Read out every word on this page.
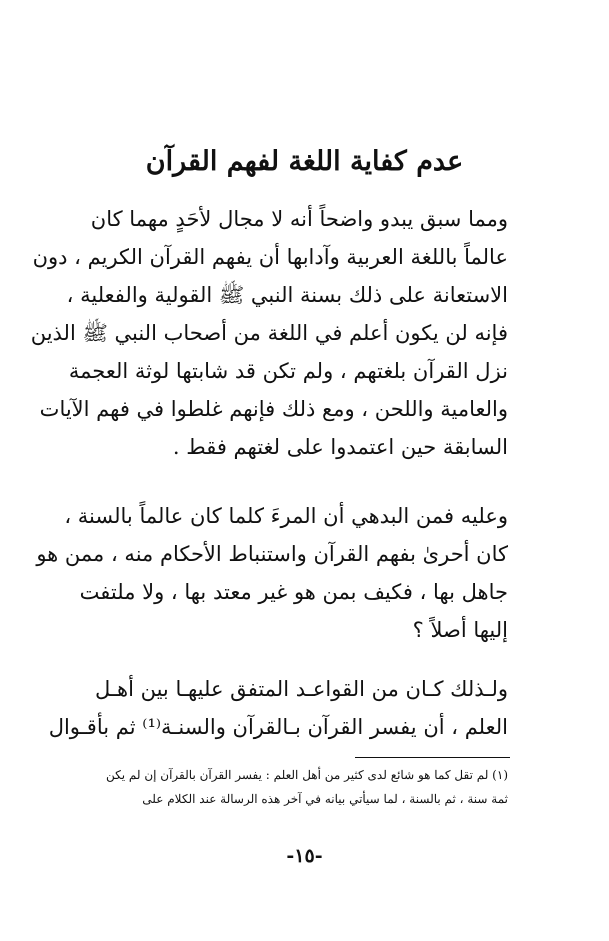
عدم كفاية اللغة لفهم القرآن
ومما سبق يبدو واضحاً أنه لا مجال لأحَدٍ مهما كان
عالماً باللغة العربية وآدابها أن يفهم القرآن الكريم ، دون
الاستعانة على ذلك بسنة النبي ﷺ القولية والفعلية ،
فإنه لن يكون أعلم في اللغة من أصحاب النبي ﷺ الذين
نزل القرآن بلغتهم ، ولم تكن قد شابتها لوثة العجمة
والعامية واللحن ، ومع ذلك فإنهم غلطوا في فهم الآيات
السابقة حين اعتمدوا على لغتهم فقط .
وعليه فمن البدهي أن المرءَ كلما كان عالماً بالسنة ،
كان أحرىٰ بفهم القرآن واستنباط الأحكام منه ، ممن هو
جاهل بها ، فكيف بمن هو غير معتد بها ، ولا ملتفت
إليها أصلاً ؟
ولـذلك كـان من القواعـد المتفق عليهـا بين أهـل
العلم ، أن يفسر القرآن بـالقرآن والسنـة⁽¹⁾ ثم بأقـوال
(١) لم تقل كما هو شائع لدى كثير من أهل العلم : يفسر القرآن بالقرآن إن لم يكن
ثمة سنة ، ثم بالسنة ، لما سيأتي بيانه في آخر هذه الرسالة عند الكلام على
-١٥-
